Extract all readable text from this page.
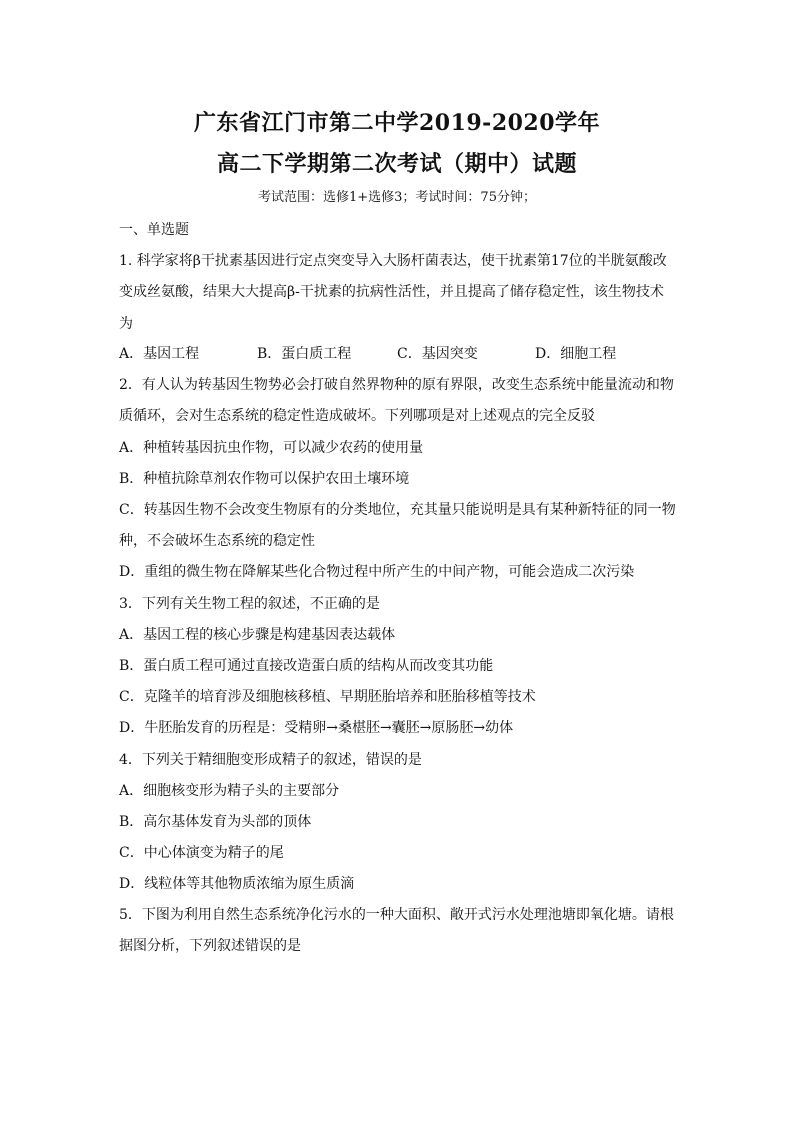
广东省江门市第二中学2019-2020学年
高二下学期第二次考试（期中）试题
考试范围：选修1+选修3；考试时间：75分钟；
一、单选题
1. 科学家将β干扰素基因进行定点突变导入大肠杆菌表达，使干扰素第17位的半胱氨酸改
变成丝氨酸，结果大大提高β-干扰素的抗病性活性，并且提高了储存稳定性，该生物技术
为
A．基因工程	B．蛋白质工程	C．基因突变	D．细胞工程
2．有人认为转基因生物势必会打破自然界物种的原有界限，改变生态系统中能量流动和物
质循环，会对生态系统的稳定性造成破坏。下列哪项是对上述观点的完全反驳
A．种植转基因抗虫作物，可以减少农药的使用量
B．种植抗除草剂农作物可以保护农田土壤环境
C．转基因生物不会改变生物原有的分类地位，充其量只能说明是具有某种新特征的同一物
种，不会破坏生态系统的稳定性
D．重组的微生物在降解某些化合物过程中所产生的中间产物，可能会造成二次污染
3．下列有关生物工程的叙述，不正确的是
A．基因工程的核心步骤是构建基因表达载体
B．蛋白质工程可通过直接改造蛋白质的结构从而改变其功能
C．克隆羊的培育涉及细胞核移植、早期胚胎培养和胚胎移植等技术
D．牛胚胎发育的历程是：受精卵→桑椹胚→囊胚→原肠胚→幼体
4．下列关于精细胞变形成精子的叙述，错误的是
A．细胞核变形为精子头的主要部分
B．高尔基体发育为头部的顶体
C．中心体演变为精子的尾
D．线粒体等其他物质浓缩为原生质滴
5．下图为利用自然生态系统净化污水的一种大面积、敞开式污水处理池塘即氧化塘。请根
据图分析，下列叙述错误的是
